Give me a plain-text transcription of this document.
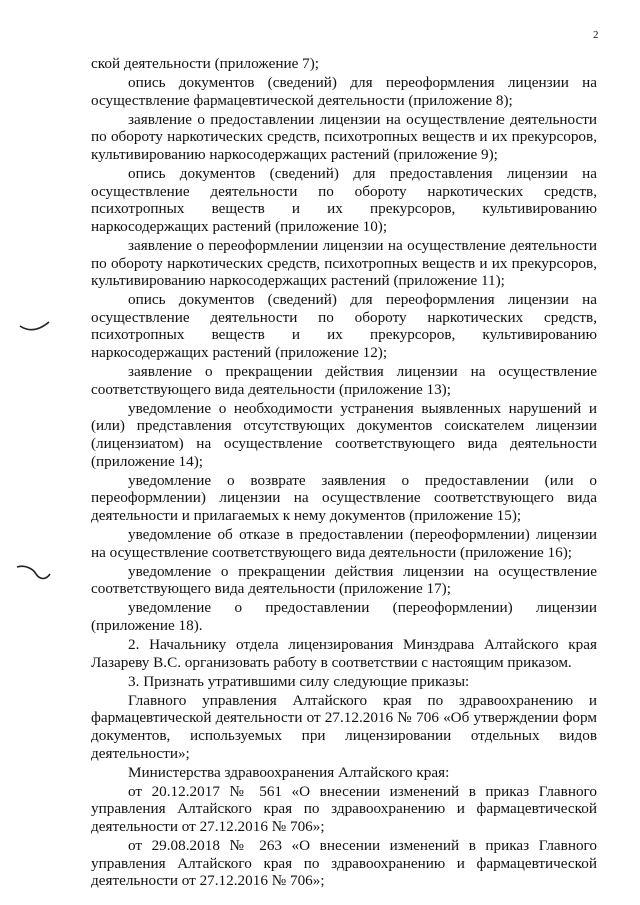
2

ской деятельности (приложение 7);

опись документов (сведений) для переоформления лицензии на осуществление фармацевтической деятельности (приложение 8);

заявление о предоставлении лицензии на осуществление деятельности по обороту наркотических средств, психотропных веществ и их прекурсоров, культивированию наркосодержащих растений (приложение 9);

опись документов (сведений) для предоставления лицензии на осуществление деятельности по обороту наркотических средств, психотропных веществ и их прекурсоров, культивированию наркосодержащих растений (приложение 10);

заявление о переоформлении лицензии на осуществление деятельности по обороту наркотических средств, психотропных веществ и их прекурсоров, культивированию наркосодержащих растений (приложение 11);

опись документов (сведений) для переоформления лицензии на осуществление деятельности по обороту наркотических средств, психотропных веществ и их прекурсоров, культивированию наркосодержащих растений (приложение 12);

заявление о прекращении действия лицензии на осуществление соответствующего вида деятельности (приложение 13);

уведомление о необходимости устранения выявленных нарушений и (или) представления отсутствующих документов соискателем лицензии (лицензиатом) на осуществление соответствующего вида деятельности (приложение 14);

уведомление о возврате заявления о предоставлении (или о переоформлении) лицензии на осуществление соответствующего вида деятельности и прилагаемых к нему документов (приложение 15);

уведомление об отказе в предоставлении (переоформлении) лицензии на осуществление соответствующего вида деятельности (приложение 16);

уведомление о прекращении действия лицензии на осуществление соответствующего вида деятельности (приложение 17);

уведомление о предоставлении (переоформлении) лицензии (приложение 18).

2. Начальнику отдела лицензирования Минздрава Алтайского края Лазареву В.С. организовать работу в соответствии с настоящим приказом.

3. Признать утратившими силу следующие приказы:

Главного управления Алтайского края по здравоохранению и фармацевтической деятельности от 27.12.2016 № 706 «Об утверждении форм документов, используемых при лицензировании отдельных видов деятельности»;

Министерства здравоохранения Алтайского края:

от 20.12.2017 № 561 «О внесении изменений в приказ Главного управления Алтайского края по здравоохранению и фармацевтической деятельности от 27.12.2016 № 706»;

от 29.08.2018 № 263 «О внесении изменений в приказ Главного управления Алтайского края по здравоохранению и фармацевтической деятельности от 27.12.2016 № 706»;
